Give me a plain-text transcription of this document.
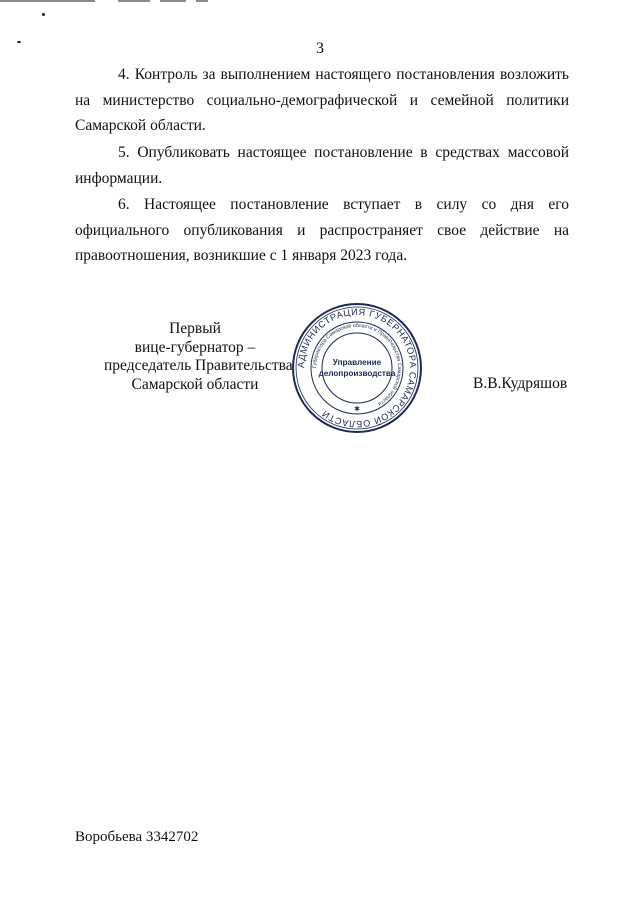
3

4. Контроль за выполнением настоящего постановления возложить на министерство социально-демографической и семейной политики Самарской области.

5. Опубликовать настоящее постановление в средствах массовой информации.

6. Настоящее постановление вступает в силу со дня его официального опубликования и распространяет свое действие на правоотношения, возникшие с 1 января 2023 года.

Первый
вице-губернатор –
председатель Правительства
Самарской области
АДМИНИСТРАЦИЯ ГУБЕРНАТОРА САМАРСКОЙ ОБЛАСТИ
Губернатора Самарской области и Правительства Самарской области
Управление
делопроизводства
✱
В.В.Кудряшов
Воробьева 3342702
